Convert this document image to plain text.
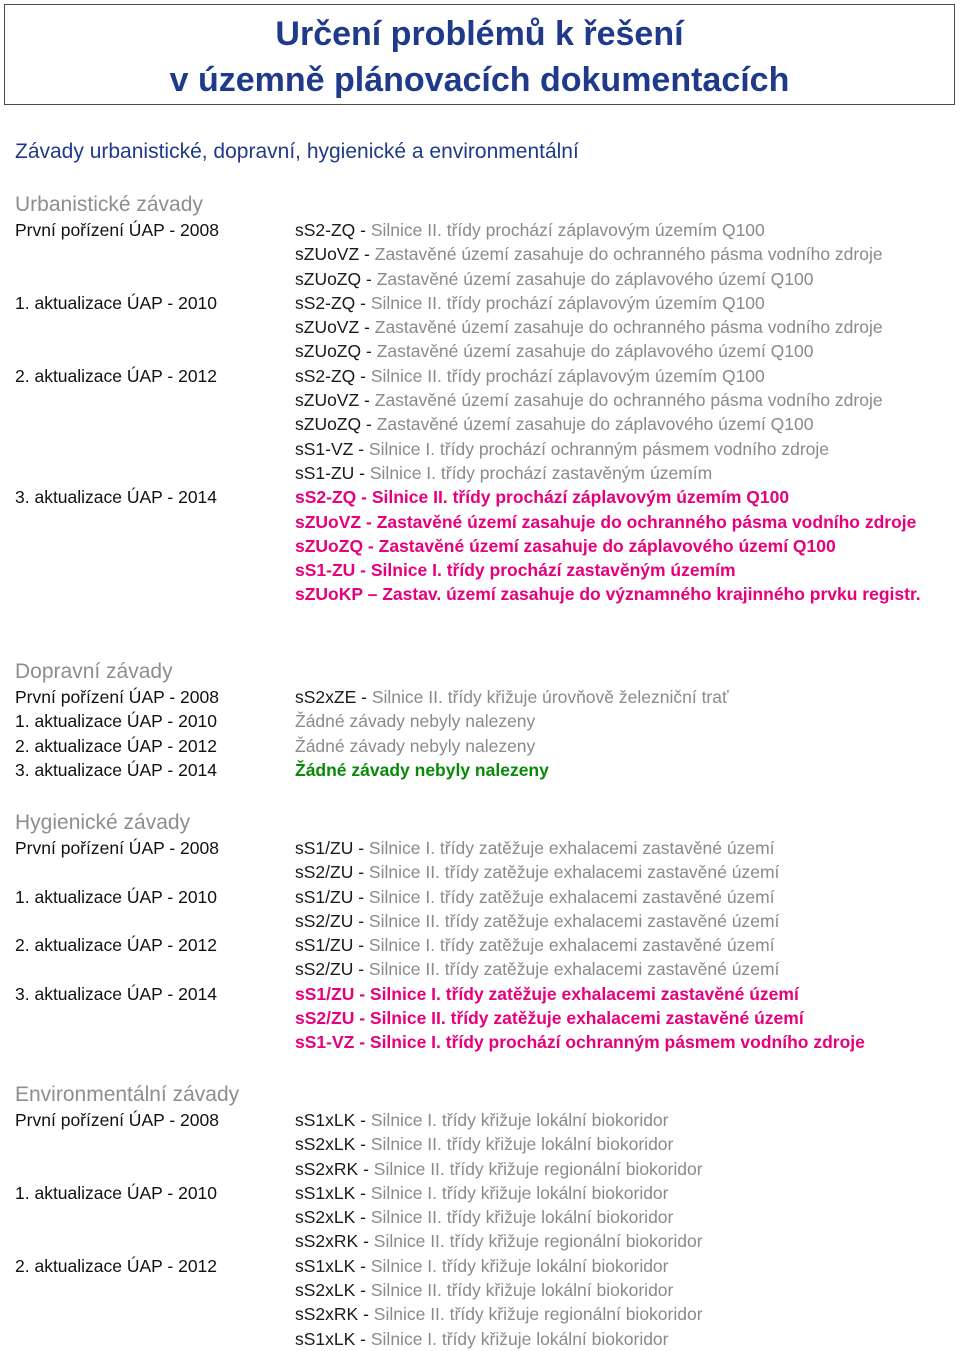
Určení problémů k řešení
v územně plánovacích dokumentacích
Závady urbanistické, dopravní, hygienické a environmentální
Urbanistické závady
První pořízení ÚAP - 2008	sS2-ZQ - Silnice II. třídy prochází záplavovým územím Q100
sZUoVZ - Zastavěné území zasahuje do ochranného pásma vodního zdroje
sZUoZQ - Zastavěné území zasahuje do záplavového území Q100
1. aktualizace ÚAP - 2010	sS2-ZQ - Silnice II. třídy prochází záplavovým územím Q100
sZUoVZ - Zastavěné území zasahuje do ochranného pásma vodního zdroje
sZUoZQ - Zastavěné území zasahuje do záplavového území Q100
2. aktualizace ÚAP - 2012	sS2-ZQ - Silnice II. třídy prochází záplavovým územím Q100
sZUoVZ - Zastavěné území zasahuje do ochranného pásma vodního zdroje
sZUoZQ - Zastavěné území zasahuje do záplavového území Q100
sS1-VZ - Silnice I. třídy prochází ochranným pásmem vodního zdroje
sS1-ZU - Silnice I. třídy prochází zastavěným územím
3. aktualizace ÚAP - 2014	sS2-ZQ - Silnice II. třídy prochází záplavovým územím Q100
sZUoVZ - Zastavěné území zasahuje do ochranného pásma vodního zdroje
sZUoZQ - Zastavěné území zasahuje do záplavového území Q100
sS1-ZU - Silnice I. třídy prochází zastavěným územím
sZUoKP – Zastav. území zasahuje do významného krajinného prvku registr.
Dopravní závady
První pořízení ÚAP - 2008	sS2xZE - Silnice II. třídy křižuje úrovňově železniční trať
1. aktualizace ÚAP - 2010	Žádné závady nebyly nalezeny
2. aktualizace ÚAP - 2012	Žádné závady nebyly nalezeny
3. aktualizace ÚAP - 2014	Žádné závady nebyly nalezeny
Hygienické závady
První pořízení ÚAP - 2008	sS1/ZU - Silnice I. třídy zatěžuje exhalacemi zastavěné území
sS2/ZU - Silnice II. třídy zatěžuje exhalacemi zastavěné území
1. aktualizace ÚAP - 2010	sS1/ZU - Silnice I. třídy zatěžuje exhalacemi zastavěné území
sS2/ZU - Silnice II. třídy zatěžuje exhalacemi zastavěné území
2. aktualizace ÚAP - 2012	sS1/ZU - Silnice I. třídy zatěžuje exhalacemi zastavěné území
sS2/ZU - Silnice II. třídy zatěžuje exhalacemi zastavěné území
3. aktualizace ÚAP - 2014	sS1/ZU - Silnice I. třídy zatěžuje exhalacemi zastavěné území
sS2/ZU - Silnice II. třídy zatěžuje exhalacemi zastavěné území
sS1-VZ - Silnice I. třídy prochází ochranným pásmem vodního zdroje
Environmentální závady
První pořízení ÚAP - 2008	sS1xLK - Silnice I. třídy křižuje lokální biokoridor
sS2xLK - Silnice II. třídy křižuje lokální biokoridor
sS2xRK - Silnice II. třídy křižuje regionální biokoridor
1. aktualizace ÚAP - 2010	sS1xLK - Silnice I. třídy křižuje lokální biokoridor
sS2xLK - Silnice II. třídy křižuje lokální biokoridor
sS2xRK - Silnice II. třídy křižuje regionální biokoridor
2. aktualizace ÚAP - 2012	sS1xLK - Silnice I. třídy křižuje lokální biokoridor
sS2xLK - Silnice II. třídy křižuje lokální biokoridor
sS2xRK - Silnice II. třídy křižuje regionální biokoridor
sS1xLK - Silnice I. třídy křižuje lokální biokoridor
